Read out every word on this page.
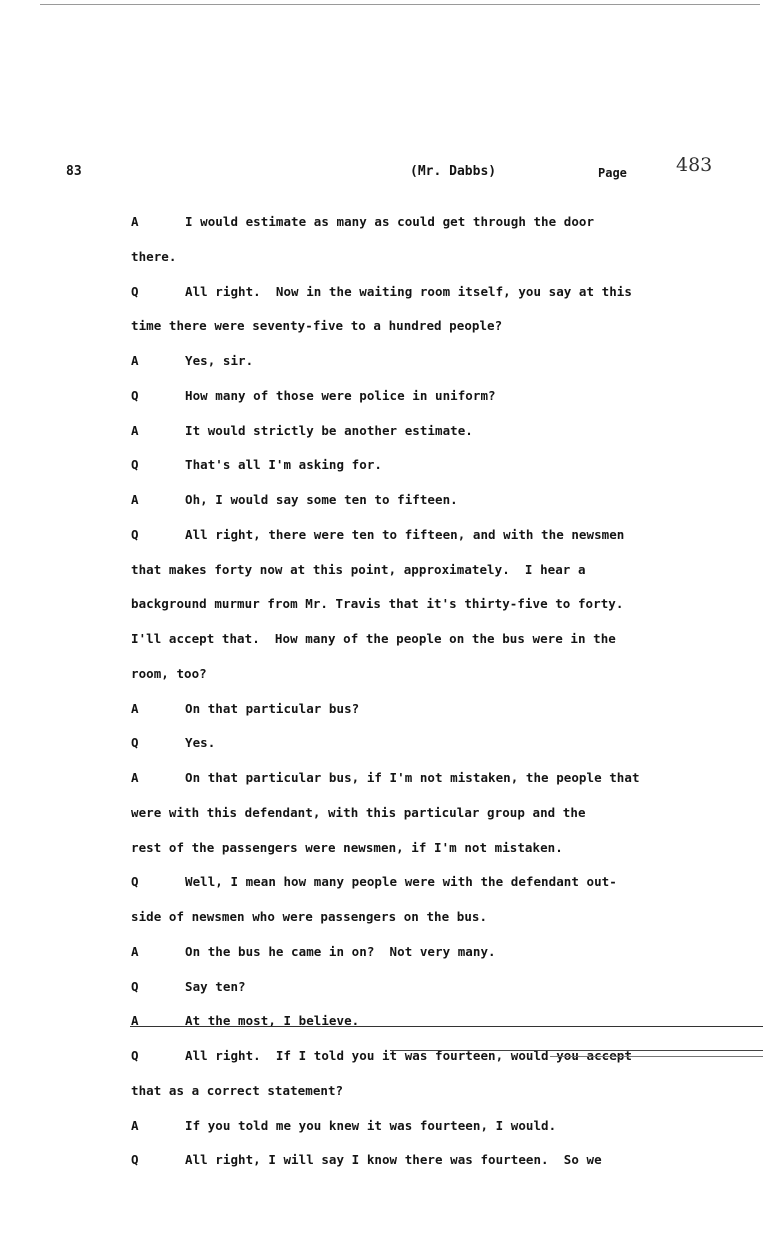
83	(Mr. Dabbs)	Page	483
A	I would estimate as many as could get through the door
there.
Q	All right.  Now in the waiting room itself, you say at this
time there were seventy-five to a hundred people?
A	Yes, sir.
Q	How many of those were police in uniform?
A	It would strictly be another estimate.
Q	That's all I'm asking for.
A	Oh, I would say some ten to fifteen.
Q	All right, there were ten to fifteen, and with the newsmen
that makes forty now at this point, approximately.  I hear a
background murmur from Mr. Travis that it's thirty-five to forty.
I'll accept that.  How many of the people on the bus were in the
room, too?
A	On that particular bus?
Q	Yes.
A	On that particular bus, if I'm not mistaken, the people that
were with this defendant, with this particular group and the
rest of the passengers were newsmen, if I'm not mistaken.
Q	Well, I mean how many people were with the defendant out-
side of newsmen who were passengers on the bus.
A	On the bus he came in on?  Not very many.
Q	Say ten?
A	At the most, I believe.
Q	All right.  If I told you it was fourteen, would you accept
that as a correct statement?
A	If you told me you knew it was fourteen, I would.
Q	All right, I will say I know there was fourteen.  So we
